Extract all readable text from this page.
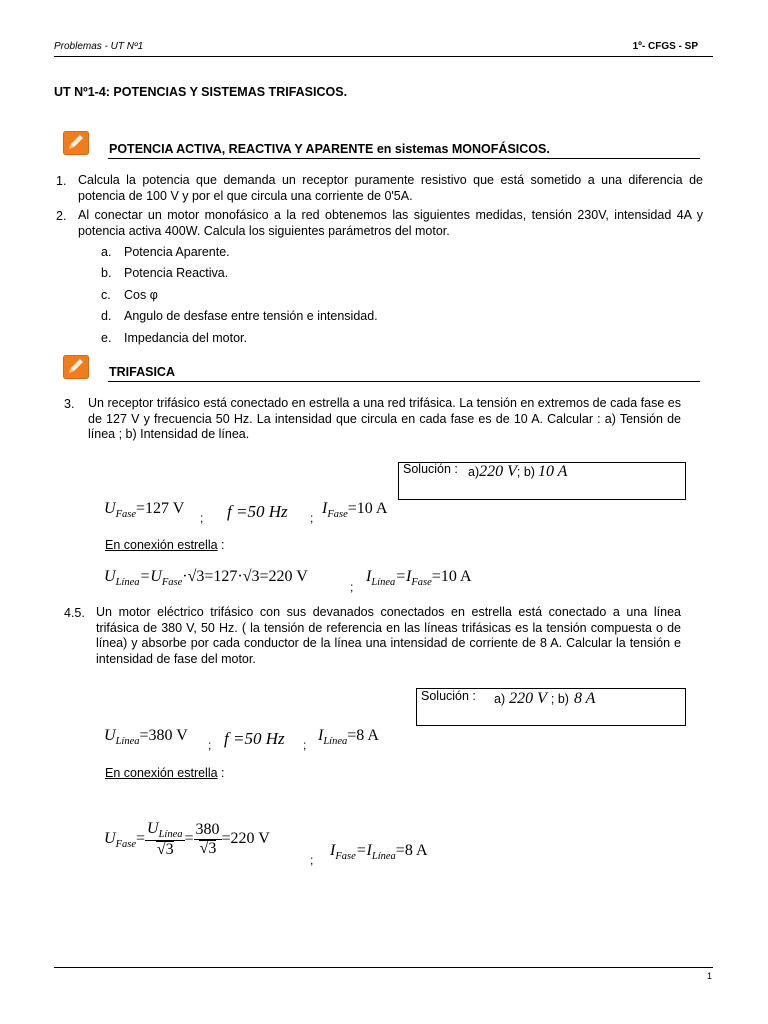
Problemas - UT Nº1	1º- CFGS - SP
UT Nº1-4: POTENCIAS Y SISTEMAS TRIFASICOS.
POTENCIA ACTIVA, REACTIVA Y APARENTE en sistemas MONOFÁSICOS.
1. Calcula la potencia que demanda un receptor puramente resistivo que está sometido a una diferencia de potencia de 100 V y por el que circula una corriente de 0'5A.
2. Al conectar un motor monofásico a la red obtenemos las siguientes medidas, tensión 230V, intensidad 4A y potencia activa 400W. Calcula los siguientes parámetros del motor.
a. Potencia Aparente.
b. Potencia Reactiva.
c. Cos φ
d. Angulo de desfase entre tensión e intensidad.
e. Impedancia del motor.
TRIFASICA
3. Un receptor trifásico está conectado en estrella a una red trifásica. La tensión en extremos de cada fase es de 127 V y frecuencia 50 Hz. La intensidad que circula en cada fase es de 10 A. Calcular : a) Tensión de línea ; b) Intensidad de línea.
Solución : a)220 V; b) 10 A
$U_{Fase}=127$ V
; f =50 Hz ;
$I_{Fase}=10$ A
En conexión estrella :
$U_{Línea}=U_{Fase}\cdot√3=127\cdot√3=220$ V
;
$I_{Línea}=I_{Fase}=10$ A
4.5. Un motor eléctrico trifásico con sus devanados conectados en estrella está conectado a una línea trifásica de 380 V, 50 Hz. ( la tensión de referencia en las líneas trifásicas es la tensión compuesta o de línea) y absorbe por cada conductor de la línea una intensidad de corriente de 8 A. Calcular la tensión e intensidad de fase del motor.
Solución : a) 220 V ; b) 8 A
$U_{Línea}=380$ V
; f =50 Hz ;
$I_{Línea}=8$ A
En conexión estrella :
$U_{Fase}= \frac{U_{Línea}}{√3} = \frac{380}{√3} =220$ V
;
$I_{Fase}=I_{Línea}=8$ A
1
